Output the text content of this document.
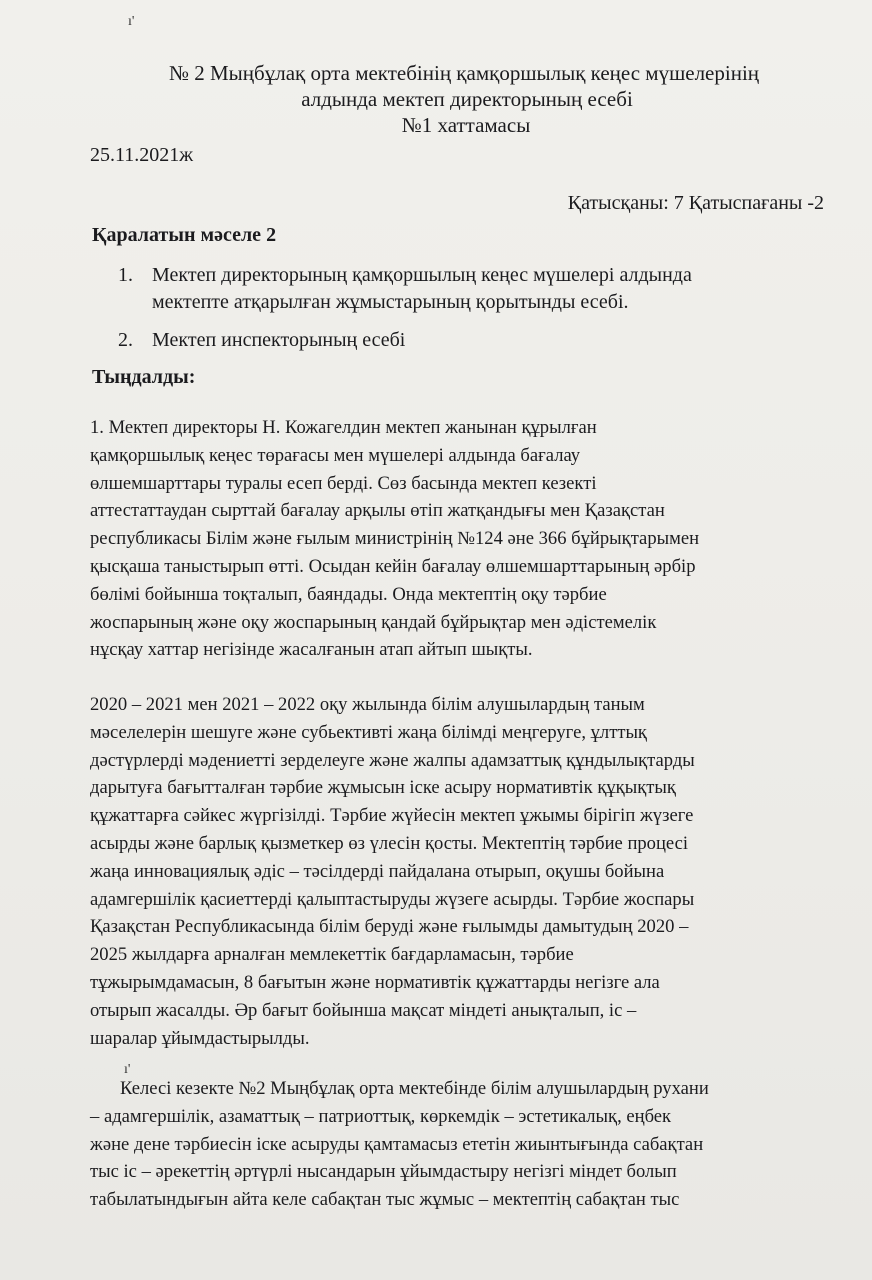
ı'
№ 2 Мыңбұлақ орта мектебінің қамқоршылық кеңес мүшелерінің
алдында мектеп директорының есебі
№1 хаттамасы
25.11.2021ж
Қатысқаны: 7 Қатыспағаны -2
Қаралатын мәселе 2
1. Мектеп директорының қамқоршылың кеңес мүшелері алдында
мектепте атқарылған жұмыстарының қорытынды есебі.
2. Мектеп инспекторының есебі
Тыңдалды:
1. Мектеп директоры Н. Кожагелдин мектеп жанынан құрылған
қамқоршылық кеңес төрағасы мен мүшелері алдында бағалау
өлшемшарттары туралы есеп берді. Сөз басында мектеп кезекті
аттестаттаудан сырттай бағалау арқылы өтіп жатқандығы мен Қазақстан
республикасы Білім және ғылым министрінің №124 әне 366 бұйрықтарымен
қысқаша таныстырып өтті. Осыдан кейін бағалау өлшемшарттарының әрбір
бөлімі бойынша тоқталып, баяндады. Онда мектептің оқу тәрбие
жоспарының және оқу жоспарының қандай бұйрықтар мен әдістемелік
нұсқау хаттар негізінде жасалғанын атап айтып шықты.
2020 – 2021 мен 2021 – 2022 оқу жылында білім алушылардың таным
мәселелерін шешуге және субьективті жаңа білімді меңгеруге, ұлттық
дәстүрлерді мәдениетті зерделеуге және жалпы адамзаттық құндылықтарды
дарытуға бағытталған тәрбие жұмысын іске асыру нормативтік құқықтық
құжаттарға сәйкес жүргізілді. Тәрбие жүйесін мектеп ұжымы бірігіп жүзеге
асырды және барлық қызметкер өз үлесін қосты. Мектептің тәрбие процесі
жаңа инновациялық әдіс – тәсілдерді пайдалана отырып, оқушы бойына
адамгершілік қасиеттерді қалыптастыруды жүзеге асырды. Тәрбие жоспары
Қазақстан Республикасында білім беруді және ғылымды дамытудың 2020 –
2025 жылдарға арналған мемлекеттік бағдарламасын, тәрбие
тұжырымдамасын, 8 бағытын және нормативтік құжаттарды негізге ала
отырып жасалды. Әр бағыт бойынша мақсат міндеті анықталып, іс –
шаралар ұйымдастырылды.
ı'
Келесі кезекте №2 Мыңбұлақ орта мектебінде білім алушылардың рухани
– адамгершілік, азаматтық – патриоттық, көркемдік – эстетикалық, еңбек
және дене тәрбиесін іске асыруды қамтамасыз ететін жиынтығында сабақтан
тыс іс – әрекеттің әртүрлі нысандарын ұйымдастыру негізгі міндет болып
табылатындығын айта келе сабақтан тыс жұмыс – мектептің сабақтан тыс
